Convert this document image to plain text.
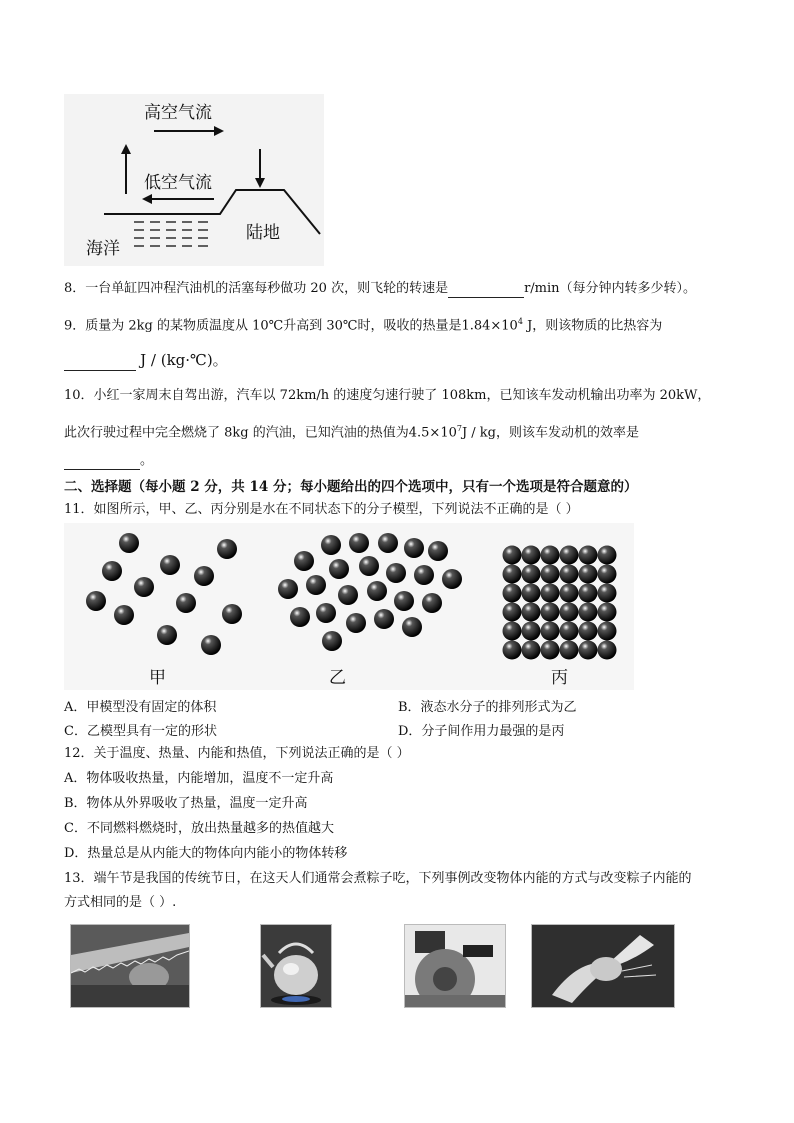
高空气流
低空气流
海洋
陆地
8．一台单缸四冲程汽油机的活塞每秒做功 20 次，则飞轮的转速是	r/min（每分钟内转多少转）。
9．质量为 2kg 的某物质温度从 10℃升高到 30℃时，吸收的热量是$1.84\times 10^4$ J，则该物质的比热容为
J / (kg·℃)。
10．小红一家周末自驾出游，汽车以 72km/h 的速度匀速行驶了 108km，已知该车发动机输出功率为 20kW，
此次行驶过程中完全燃烧了 8kg 的汽油，已知汽油的热值为$4.5\times 10^7J$ / kg，则该车发动机的效率是
。
二、选择题（每小题 2 分，共 14 分；每小题给出的四个选项中，只有一个选项是符合题意的）
11．如图所示，甲、乙、丙分别是水在不同状态下的分子模型，下列说法不正确的是（ ）
甲	乙	丙
A．甲模型没有固定的体积	B．液态水分子的排列形式为乙
C．乙模型具有一定的形状	D．分子间作用力最强的是丙
12．关于温度、热量、内能和热值，下列说法正确的是（ ）
A．物体吸收热量，内能增加，温度不一定升高
B．物体从外界吸收了热量，温度一定升高
C．不同燃料燃烧时，放出热量越多的热值越大
D．热量总是从内能大的物体向内能小的物体转移
13．端午节是我国的传统节日，在这天人们通常会煮粽子吃，下列事例改变物体内能的方式与改变粽子内能的
方式相同的是（ ）.
